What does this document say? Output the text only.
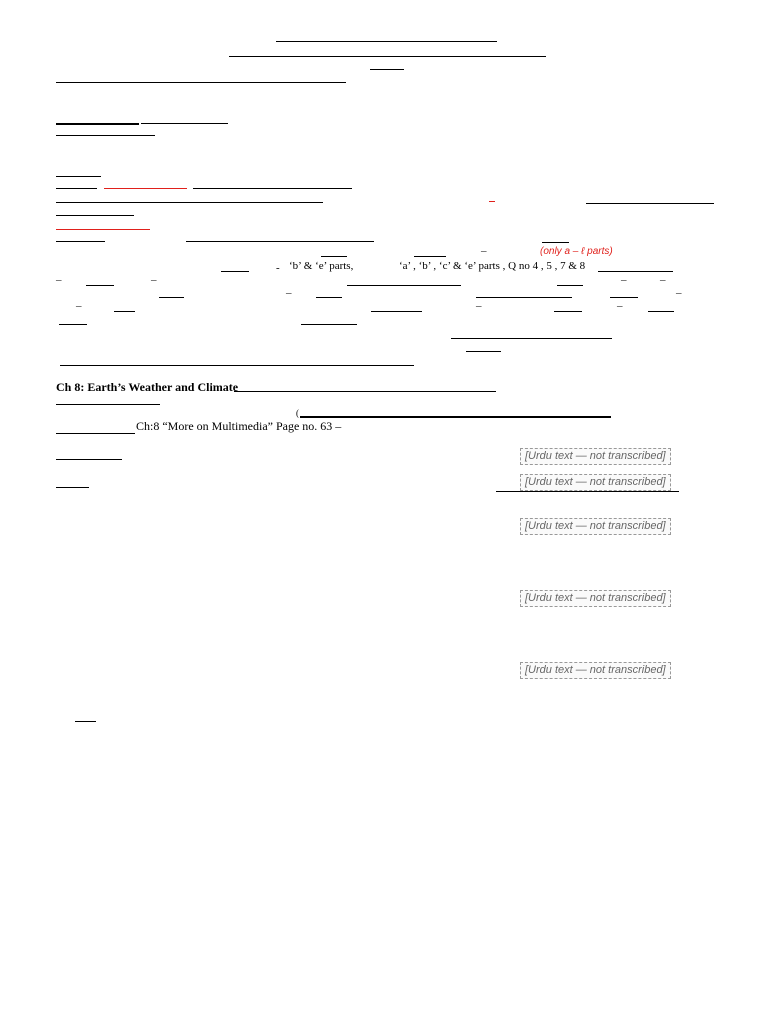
–	(only a – ℓ parts)
- ‘b’ & ‘e’ parts,	‘a’ , ‘b’ , ‘c’ & ‘e’ parts , Q no 4 , 5 , 7 & 8
–	–	–	–
–	–
–	–	–
Ch 8: Earth’s Weather and Climate
(
Ch:8 “More on Multimedia” Page no. 63 –
[Urdu text — not transcribed]
[Urdu text — not transcribed]
[Urdu text — not transcribed]
[Urdu text — not transcribed]
[Urdu text — not transcribed]
